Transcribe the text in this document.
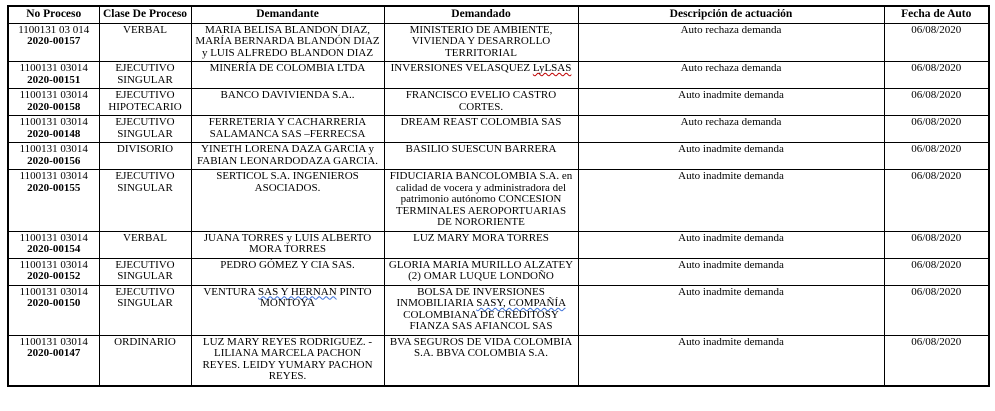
No Proceso	Clase De Proceso	Demandante	Demandado	Descripción de actuación	Fecha de Auto

1100131 03 014
2020-00157	VERBAL	MARIA BELISA BLANDON DIAZ, MARÍA BERNARDA BLANDÓN DIAZ y LUIS ALFREDO BLANDON DIAZ	MINISTERIO DE AMBIENTE, VIVIENDA Y DESARROLLO TERRITORIAL	Auto rechaza demanda	06/08/2020

1100131 03014
2020-00151	EJECUTIVO SINGULAR	MINERÍA DE COLOMBIA LTDA	INVERSIONES VELASQUEZ LyLSAS	Auto rechaza demanda	06/08/2020

1100131 03014
2020-00158	EJECUTIVO HIPOTECARIO	BANCO DAVIVIENDA S.A..	FRANCISCO EVELIO CASTRO CORTES.	Auto inadmite demanda	06/08/2020

1100131 03014
2020-00148	EJECUTIVO SINGULAR	FERRETERIA Y CACHARRERIA SALAMANCA SAS –FERRECSA	DREAM REAST COLOMBIA SAS	Auto rechaza demanda	06/08/2020

1100131 03014
2020-00156	DIVISORIO	YINETH LORENA DAZA GARCIA y FABIAN LEONARDODAZA GARCIA.	BASILIO SUESCUN BARRERA	Auto inadmite demanda	06/08/2020

1100131 03014
2020-00155	EJECUTIVO SINGULAR	SERTICOL S.A. INGENIEROS ASOCIADOS.	FIDUCIARIA BANCOLOMBIA S.A. en calidad de vocera y administradora del patrimonio autónomo CONCESION TERMINALES AEROPORTUARIAS DE NORORIENTE	Auto inadmite demanda	06/08/2020

1100131 03014
2020-00154	VERBAL	JUANA TORRES y LUIS ALBERTO MORA TORRES	LUZ MARY MORA TORRES	Auto inadmite demanda	06/08/2020

1100131 03014
2020-00152	EJECUTIVO SINGULAR	PEDRO GÓMEZ Y CIA SAS.	GLORIA MARIA MURILLO ALZATEY (2) OMAR LUQUE LONDOÑO	Auto inadmite demanda	06/08/2020

1100131 03014
2020-00150	EJECUTIVO SINGULAR	VENTURA SAS Y HERNAN PINTO MONTOYA	BOLSA DE INVERSIONES INMOBILIARIA SASY, COMPAÑÍA COLOMBIANA DE CREDITOSY FIANZA SAS AFIANCOL SAS	Auto inadmite demanda	06/08/2020

1100131 03014
2020-00147	ORDINARIO	LUZ MARY REYES RODRIGUEZ. - LILIANA MARCELA PACHON REYES. LEIDY YUMARY PACHON REYES.	BVA SEGUROS DE VIDA COLOMBIA S.A. BBVA COLOMBIA S.A.	Auto inadmite demanda	06/08/2020
